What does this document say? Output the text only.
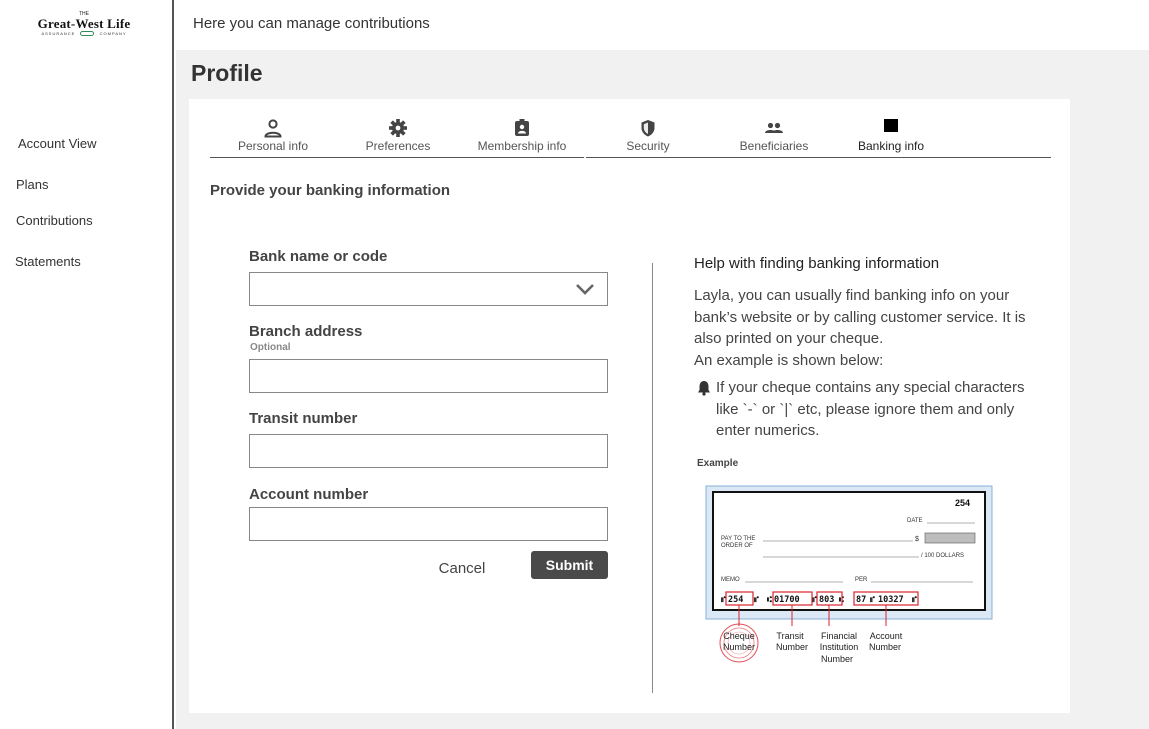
THE
Great-West Life
ASSURANCE	COMPANY
Account View
Plans
Contributions
Statements
Here you can manage contributions
Profile
Personal info	Preferences	Membership info	Security	Beneficiaries	Banking info
Provide your banking information
Bank name or code
Branch address
Optional
Transit number
Account number
Cancel	Submit
Help with finding banking information
Layla, you can usually find banking info on your bank’s website or by calling customer service. It is also printed on your cheque.
An example is shown below:
If your cheque contains any special characters like `-` or `|` etc, please ignore them and only enter numerics.
Example
254
DATE
PAY TO THE
ORDER OF
$
/ 100 DOLLARS
MEMO	PER
⑈ 254 ⑈ ⑆ 01700 ⑈ 803 ⑆ 87 ⑈ 10327 ⑈
Cheque
Number
Transit
Number
Financial
Institution
Number
Account
Number
